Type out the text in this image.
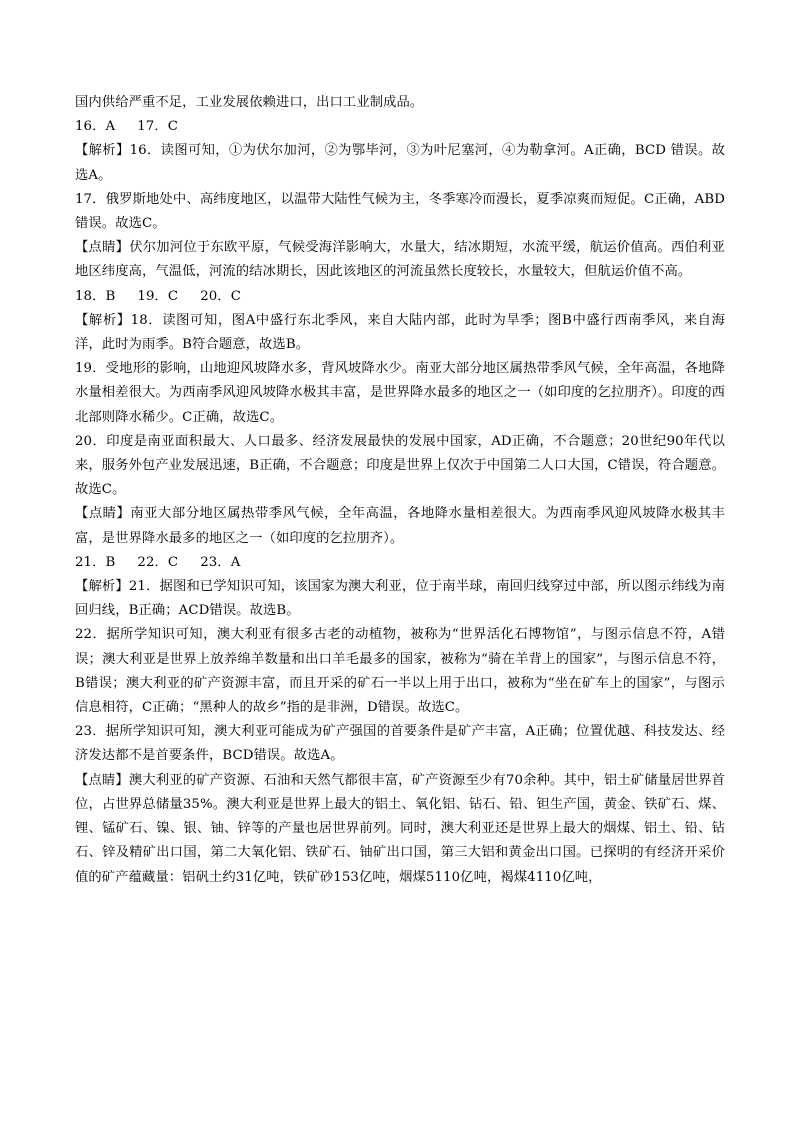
国内供给严重不足，工业发展依赖进口，出口工业制成品。

16．A 17．C

【解析】16．读图可知，①为伏尔加河，②为鄂毕河，③为叶尼塞河，④为勒拿河。A正确，BCD 错误。故选A。

17．俄罗斯地处中、高纬度地区，以温带大陆性气候为主，冬季寒冷而漫长，夏季凉爽而短促。C正确，ABD 错误。故选C。

【点睛】伏尔加河位于东欧平原，气候受海洋影响大，水量大，结冰期短，水流平缓，航运价值高。西伯利亚地区纬度高，气温低，河流的结冰期长，因此该地区的河流虽然长度较长，水量较大，但航运价值不高。

18．B 19．C 20．C

【解析】18．读图可知，图A中盛行东北季风，来自大陆内部，此时为旱季；图B中盛行西南季风，来自海洋，此时为雨季。B符合题意，故选B。

19．受地形的影响，山地迎风坡降水多，背风坡降水少。南亚大部分地区属热带季风气候，全年高温，各地降水量相差很大。为西南季风迎风坡降水极其丰富，是世界降水最多的地区之一（如印度的乞拉朋齐）。印度的西北部则降水稀少。C正确，故选C。

20．印度是南亚面积最大、人口最多、经济发展最快的发展中国家，AD正确，不合题意；20世纪90年代以来，服务外包产业发展迅速，B正确，不合题意；印度是世界上仅次于中国第二人口大国，C错误，符合题意。故选C。

【点睛】南亚大部分地区属热带季风气候，全年高温，各地降水量相差很大。为西南季风迎风坡降水极其丰富，是世界降水最多的地区之一（如印度的乞拉朋齐）。

21．B 22．C 23．A

【解析】21．据图和已学知识可知，该国家为澳大利亚，位于南半球，南回归线穿过中部，所以图示纬线为南回归线，B正确；ACD错误。故选B。

22．据所学知识可知，澳大利亚有很多古老的动植物，被称为“世界活化石博物馆”，与图示信息不符，A错误；澳大利亚是世界上放养绵羊数量和出口羊毛最多的国家，被称为“骑在羊背上的国家”，与图示信息不符，B错误；澳大利亚的矿产资源丰富，而且开采的矿石一半以上用于出口，被称为“坐在矿车上的国家”，与图示信息相符，C正确；“黑种人的故乡”指的是非洲，D错误。故选C。

23．据所学知识可知，澳大利亚可能成为矿产强国的首要条件是矿产丰富，A正确；位置优越、科技发达、经济发达都不是首要条件，BCD错误。故选A。

【点睛】澳大利亚的矿产资源、石油和天然气都很丰富，矿产资源至少有70余种。其中，铝土矿储量居世界首位，占世界总储量35%。澳大利亚是世界上最大的铝土、氧化铝、钻石、铅、钽生产国，黄金、铁矿石、煤、锂、锰矿石、镍、银、铀、锌等的产量也居世界前列。同时，澳大利亚还是世界上最大的烟煤、铝土、铅、钻石、锌及精矿出口国，第二大氧化铝、铁矿石、铀矿出口国，第三大铝和黄金出口国。已探明的有经济开采价值的矿产蕴藏量：铝矾土约31亿吨，铁矿砂153亿吨，烟煤5110亿吨，褐煤4110亿吨，
